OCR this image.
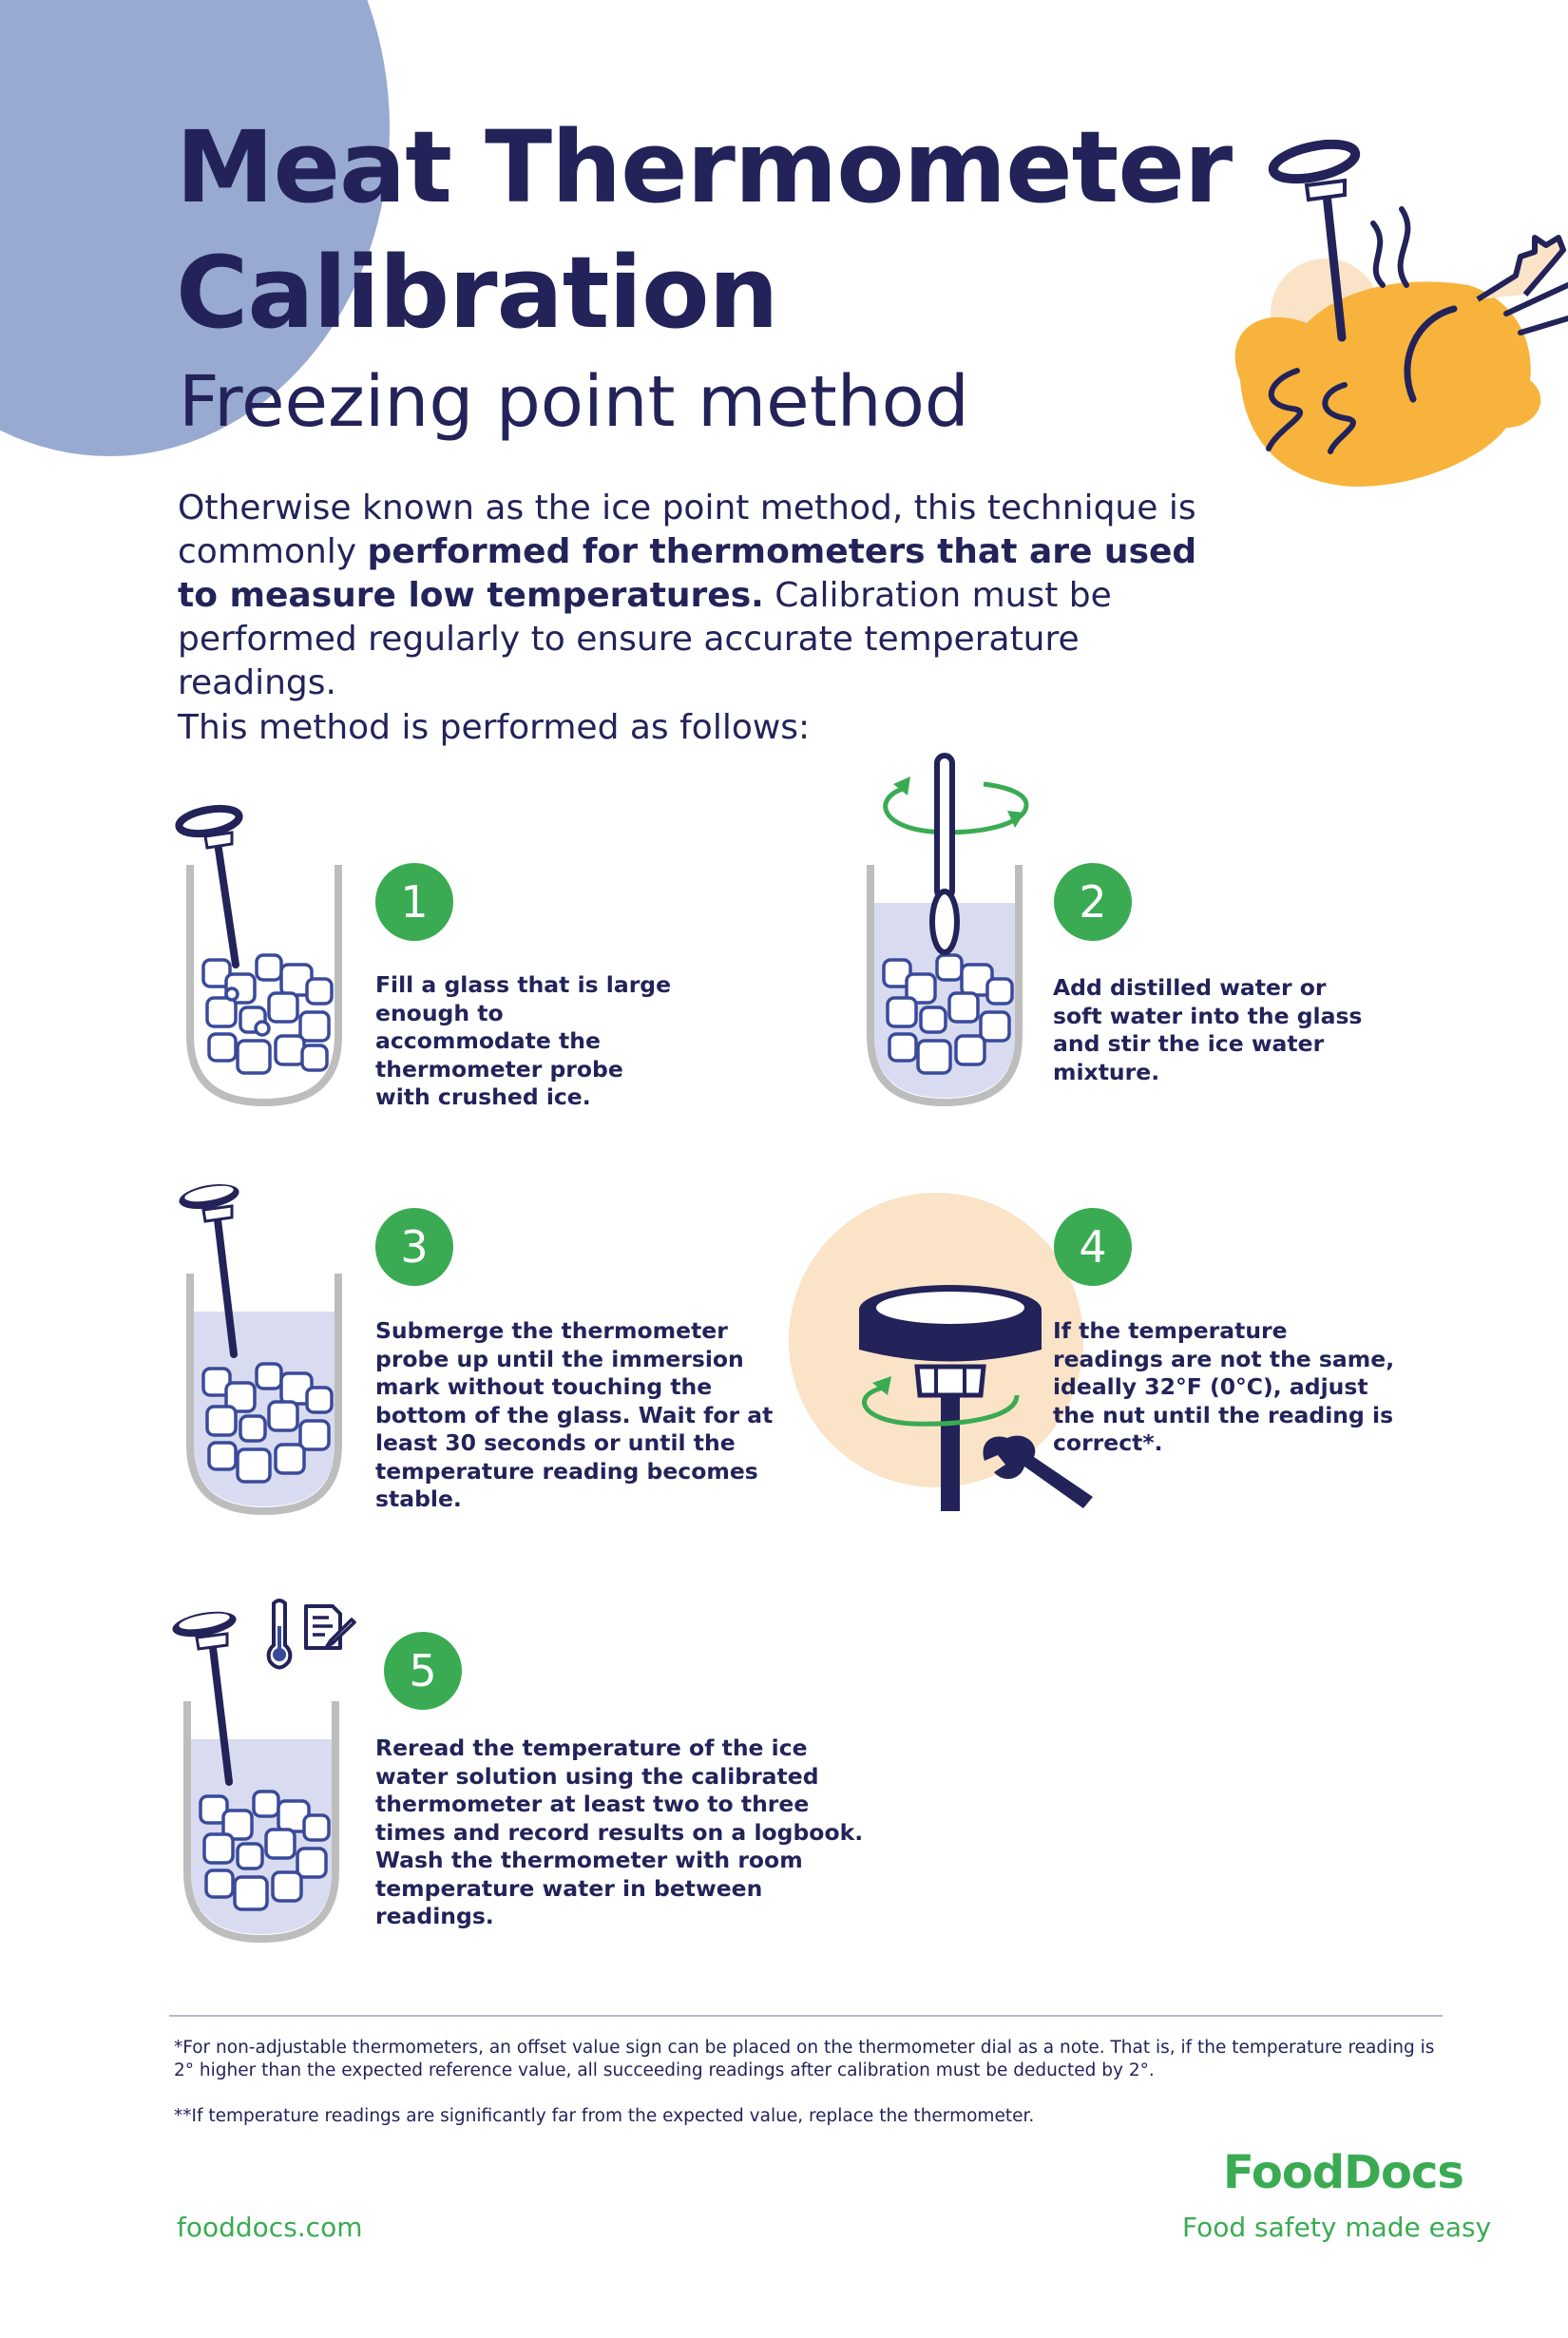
Meat Thermometer Calibration
Freezing point method

Otherwise known as the ice point method, this technique is commonly performed for thermometers that are used to measure low temperatures. Calibration must be performed regularly to ensure accurate temperature readings.

This method is performed as follows:

1

Fill a glass that is large enough to accommodate the thermometer probe with crushed ice.

2

Add distilled water or soft water into the glass and stir the ice water mixture.

3

Submerge the thermometer probe up until the immersion mark without touching the bottom of the glass. Wait for at least 30 seconds or until the temperature reading becomes stable.

4

If the temperature readings are not the same, ideally 32°F (0°C), adjust the nut until the reading is correct*.

5

Reread the temperature of the ice water solution using the calibrated thermometer at least two to three times and record results on a logbook. Wash the thermometer with room temperature water in between readings.

*For non-adjustable thermometers, an offset value sign can be placed on the thermometer dial as a note. That is, if the temperature reading is 2° higher than the expected reference value, all succeeding readings after calibration must be deducted by 2°.

**If temperature readings are significantly far from the expected value, replace the thermometer.

fooddocs.com
FoodDocs
Food safety made easy
